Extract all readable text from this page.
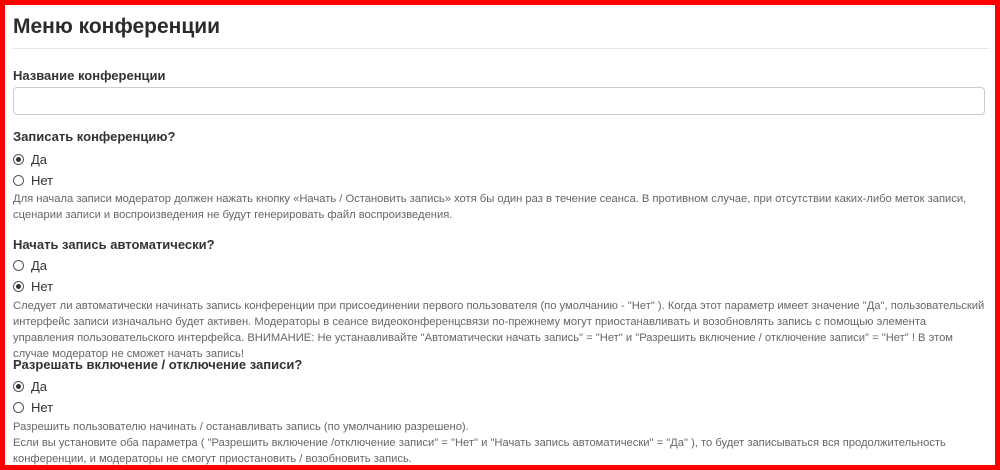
Меню конференции
Название конференции
Записать конференцию?
Да
Нет
Для начала записи модератор должен нажать кнопку «Начать / Остановить запись» хотя бы один раз в течение сеанса. В противном случае, при отсутствии каких-либо меток записи, сценарии записи и воспроизведения не будут генерировать файл воспроизведения.
Начать запись автоматически?
Да
Нет
Следует ли автоматически начинать запись конференции при присоединении первого пользователя (по умолчанию - "Нет" ). Когда этот параметр имеет значение "Да", пользовательский интерфейс записи изначально будет активен. Модераторы в сеансе видеоконференцсвязи по-прежнему могут приостанавливать и возобновлять запись с помощью элемента управления пользовательского интерфейса. ВНИМАНИЕ: Не устанавливайте "Автоматически начать запись" = "Нет" и "Разрешить включение / отключение записи" = "Нет" ! В этом случае модератор не сможет начать запись!
Разрешать включение / отключение записи?
Да
Нет
Разрешить пользователю начинать / останавливать запись (по умолчанию разрешено).
Если вы установите оба параметра ( "Разрешить включение /отключение записи" = "Нет" и "Начать запись автоматически" = "Да" ), то будет записываться вся продолжительность конференции, и модераторы не смогут приостановить / возобновить запись.
